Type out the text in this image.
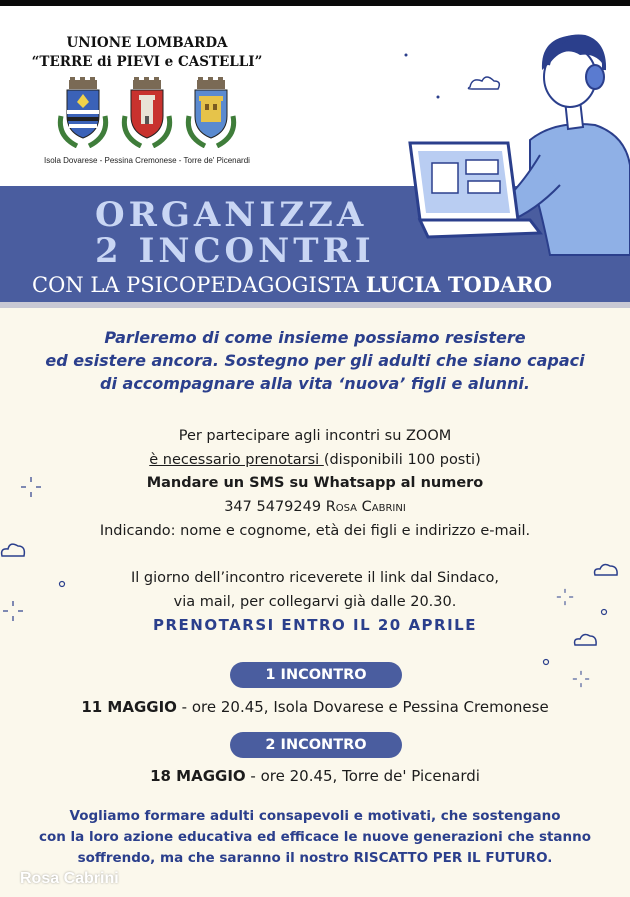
UNIONE LOMBARDA
“TERRE di PIEVI e CASTELLI”
Isola Dovarese - Pessina Cremonese - Torre de' Picenardi
ORGANIZZA
2 INCONTRI
CON LA PSICOPEDAGOGISTA LUCIA TODARO
Parleremo di come insieme possiamo resistere
ed esistere ancora. Sostegno per gli adulti che siano capaci
di accompagnare alla vita ‘nuova’ figli e alunni.
Per partecipare agli incontri su ZOOM
è necessario prenotarsi (disponibili 100 posti)
Mandare un SMS su Whatsapp al numero
347 5479249 Rosa Cabrini
Indicando: nome e cognome, età dei figli e indirizzo e-mail.
Il giorno dell’incontro riceverete il link dal Sindaco,
via mail, per collegarvi già dalle 20.30.
PRENOTARSI ENTRO IL 20 APRILE
1 INCONTRO
11 MAGGIO - ore 20.45, Isola Dovarese e Pessina Cremonese
2 INCONTRO
18 MAGGIO - ore 20.45, Torre de' Picenardi
Vogliamo formare adulti consapevoli e motivati, che sostengano
con la loro azione educativa ed efficace le nuove generazioni che stanno
soffrendo, ma che saranno il nostro RISCATTO PER IL FUTURO.
Rosa Cabrini
